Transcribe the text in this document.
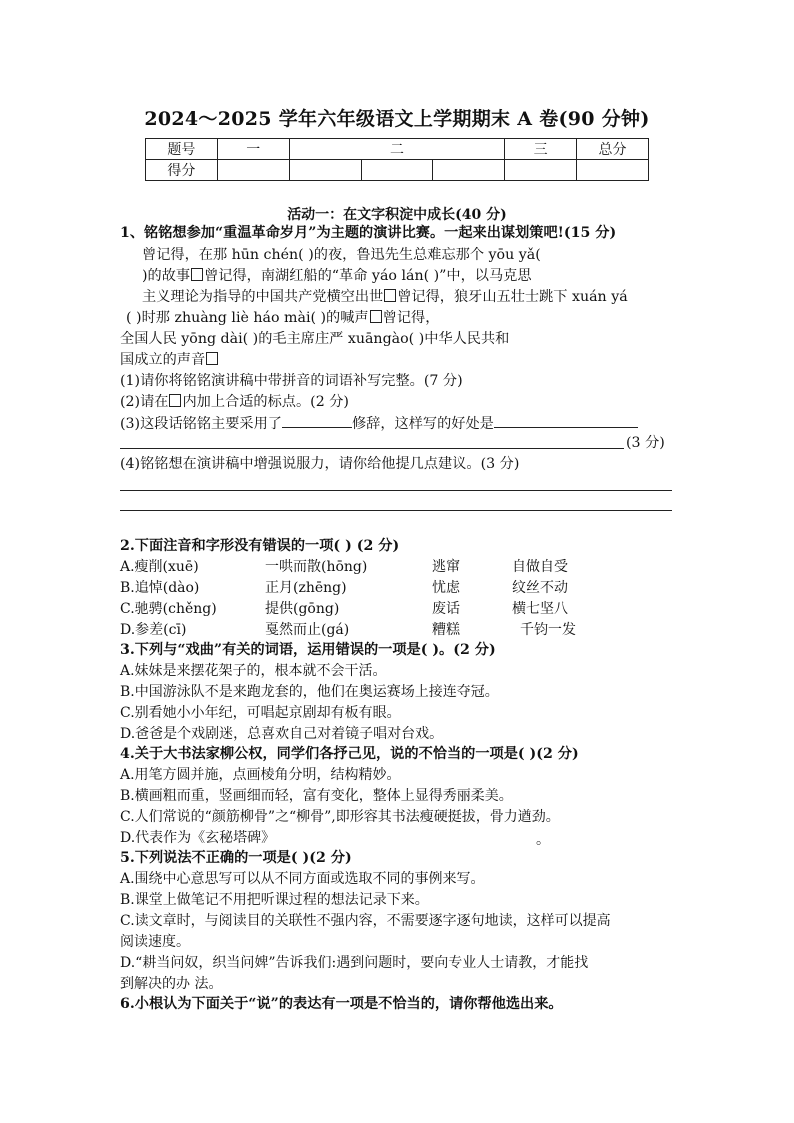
2024～2025 学年六年级语文上学期期末 A 卷(90 分钟)
题号	一	二			三	总分
得分						
活动一：在文字积淀中成长(40 分)
1、铭铭想参加“重温革命岁月”为主题的演讲比赛。一起来出谋划策吧!(15 分)
曾记得，在那 hūn chén( )的夜，鲁迅先生总难忘那个 yōu yǎ(
)的故事 曾记得，南湖红船的“革命 yáo lán( )”中，以马克思
主义理论为指导的中国共产党横空出世 曾记得，狼牙山五壮士跳下 xuán yá
( )时那 zhuàng liè háo mài( )的喊声 曾记得，
全国人民 yōng dài( )的毛主席庄严 xuāngào( )中华人民共和
国成立的声音
(1)请你将铭铭演讲稿中带拼音的词语补写完整。(7 分)
(2)请在 内加上合适的标点。(2 分)
(3)这段话铭铭主要采用了	修辞，这样写的好处是
(3 分)
(4)铭铭想在演讲稿中增强说服力，请你给他提几点建议。(3 分)
2.下面注音和字形没有错误的一项( ) (2 分)
A.瘦削(xuē)	一哄而散(hōng)	逃窜	自做自受
B.追悼(dào)	正月(zhēng)	忧虑	纹丝不动
C.驰骋(chěng)	提供(gōng)	废话	横七坚八
D.参差(cī)	戛然而止(gá)	糟糕	千钧一发
3.下列与“戏曲”有关的词语，运用错误的一项是( )。(2 分)
A.妹妹是来摆花架子的，根本就不会干活。
B.中国游泳队不是来跑龙套的，他们在奥运赛场上接连夺冠。
C.别看她小小年纪，可唱起京剧却有板有眼。
D.爸爸是个戏剧迷，总喜欢自己对着镜子唱对台戏。
4.关于大书法家柳公权，同学们各抒己见，说的不恰当的一项是( )(2 分)
A.用笔方圆并施，点画棱角分明，结构精妙。
B.横画粗而重，竖画细而轻，富有变化，整体上显得秀丽柔美。
C.人们常说的“颜筋柳骨”之“柳骨”,即形容其书法瘦硬挺拔，骨力遒劲。
D.代表作为《玄秘塔碑》	。
5.下列说法不正确的一项是( )(2 分)
A.围绕中心意思写可以从不同方面或选取不同的事例来写。
B.课堂上做笔记不用把听课过程的想法记录下来。
C.读文章时，与阅读目的关联性不强内容，不需要逐字逐句地读，这样可以提高
阅读速度。
D.“耕当问奴，织当问婢”告诉我们:遇到问题时，要向专业人士请教，才能找
到解决的办 法。
6.小根认为下面关于“说”的表达有一项是不恰当的，请你帮他选出来。
